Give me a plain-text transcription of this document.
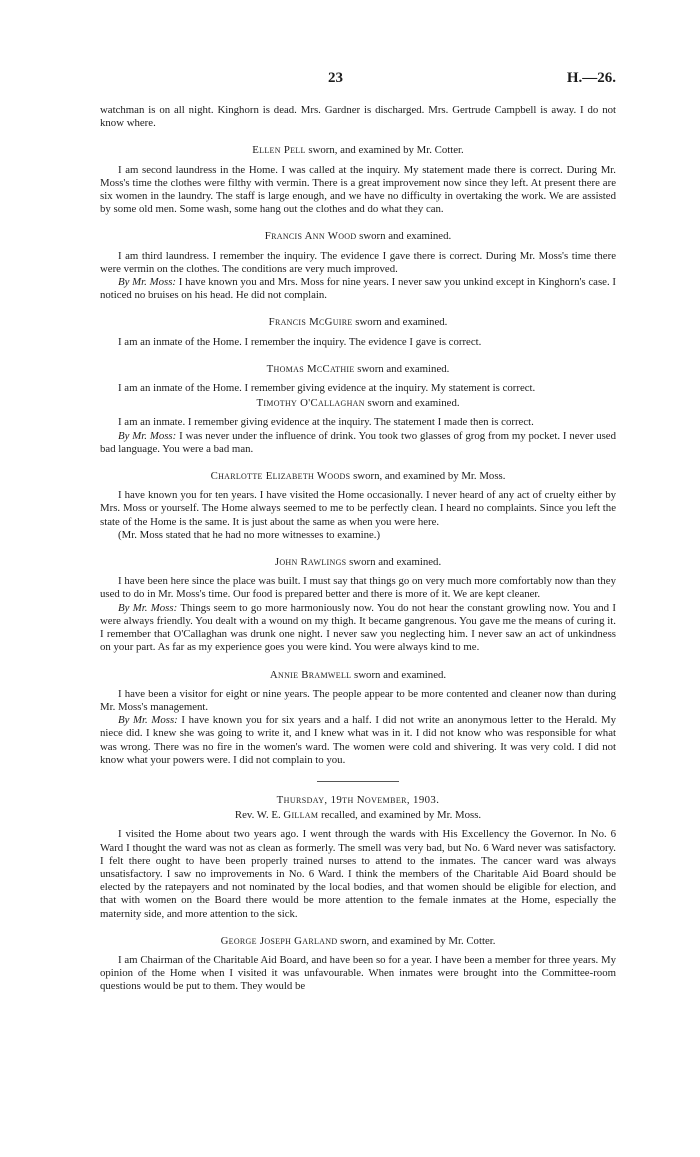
23	H.—26.

watchman is on all night. Kinghorn is dead. Mrs. Gardner is discharged. Mrs. Gertrude Campbell is away. I do not know where.

Ellen Pell sworn, and examined by Mr. Cotter.

I am second laundress in the Home. I was called at the inquiry. My statement made there is correct. During Mr. Moss's time the clothes were filthy with vermin. There is a great improvement now since they left. At present there are six women in the laundry. The staff is large enough, and we have no difficulty in overtaking the work. We are assisted by some old men. Some wash, some hang out the clothes and do what they can.

Francis Ann Wood sworn and examined.

I am third laundress. I remember the inquiry. The evidence I gave there is correct. During Mr. Moss's time there were vermin on the clothes. The conditions are very much improved.

By Mr. Moss: I have known you and Mrs. Moss for nine years. I never saw you unkind except in Kinghorn's case. I noticed no bruises on his head. He did not complain.

Francis McGuire sworn and examined.

I am an inmate of the Home. I remember the inquiry. The evidence I gave is correct.

Thomas McCathie sworn and examined.

I am an inmate of the Home. I remember giving evidence at the inquiry. My statement is correct.

Timothy O'Callaghan sworn and examined.

I am an inmate. I remember giving evidence at the inquiry. The statement I made then is correct.

By Mr. Moss: I was never under the influence of drink. You took two glasses of grog from my pocket. I never used bad language. You were a bad man.

Charlotte Elizabeth Woods sworn, and examined by Mr. Moss.

I have known you for ten years. I have visited the Home occasionally. I never heard of any act of cruelty either by Mrs. Moss or yourself. The Home always seemed to me to be perfectly clean. I heard no complaints. Since you left the state of the Home is the same. It is just about the same as when you were here.

(Mr. Moss stated that he had no more witnesses to examine.)

John Rawlings sworn and examined.

I have been here since the place was built. I must say that things go on very much more comfortably now than they used to do in Mr. Moss's time. Our food is prepared better and there is more of it. We are kept cleaner.

By Mr. Moss: Things seem to go more harmoniously now. You do not hear the constant growling now. You and I were always friendly. You dealt with a wound on my thigh. It became gangrenous. You gave me the means of curing it. I remember that O'Callaghan was drunk one night. I never saw you neglecting him. I never saw an act of unkindness on your part. As far as my experience goes you were kind. You were always kind to me.

Annie Bramwell sworn and examined.

I have been a visitor for eight or nine years. The people appear to be more contented and cleaner now than during Mr. Moss's management.

By Mr. Moss: I have known you for six years and a half. I did not write an anonymous letter to the Herald. My niece did. I knew she was going to write it, and I knew what was in it. I did not know who was responsible for what was wrong. There was no fire in the women's ward. The women were cold and shivering. It was very cold. I did not know what your powers were. I did not complain to you.

Thursday, 19th November, 1903.
Rev. W. E. Gillam recalled, and examined by Mr. Moss.

I visited the Home about two years ago. I went through the wards with His Excellency the Governor. In No. 6 Ward I thought the ward was not as clean as formerly. The smell was very bad, but No. 6 Ward never was satisfactory. I felt there ought to have been properly trained nurses to attend to the inmates. The cancer ward was always unsatisfactory. I saw no improvements in No. 6 Ward. I think the members of the Charitable Aid Board should be elected by the ratepayers and not nominated by the local bodies, and that women should be eligible for election, and that with women on the Board there would be more attention to the female inmates at the Home, especially the maternity side, and more attention to the sick.

George Joseph Garland sworn, and examined by Mr. Cotter.

I am Chairman of the Charitable Aid Board, and have been so for a year. I have been a member for three years. My opinion of the Home when I visited it was unfavourable. When inmates were brought into the Committee-room questions would be put to them. They would be
